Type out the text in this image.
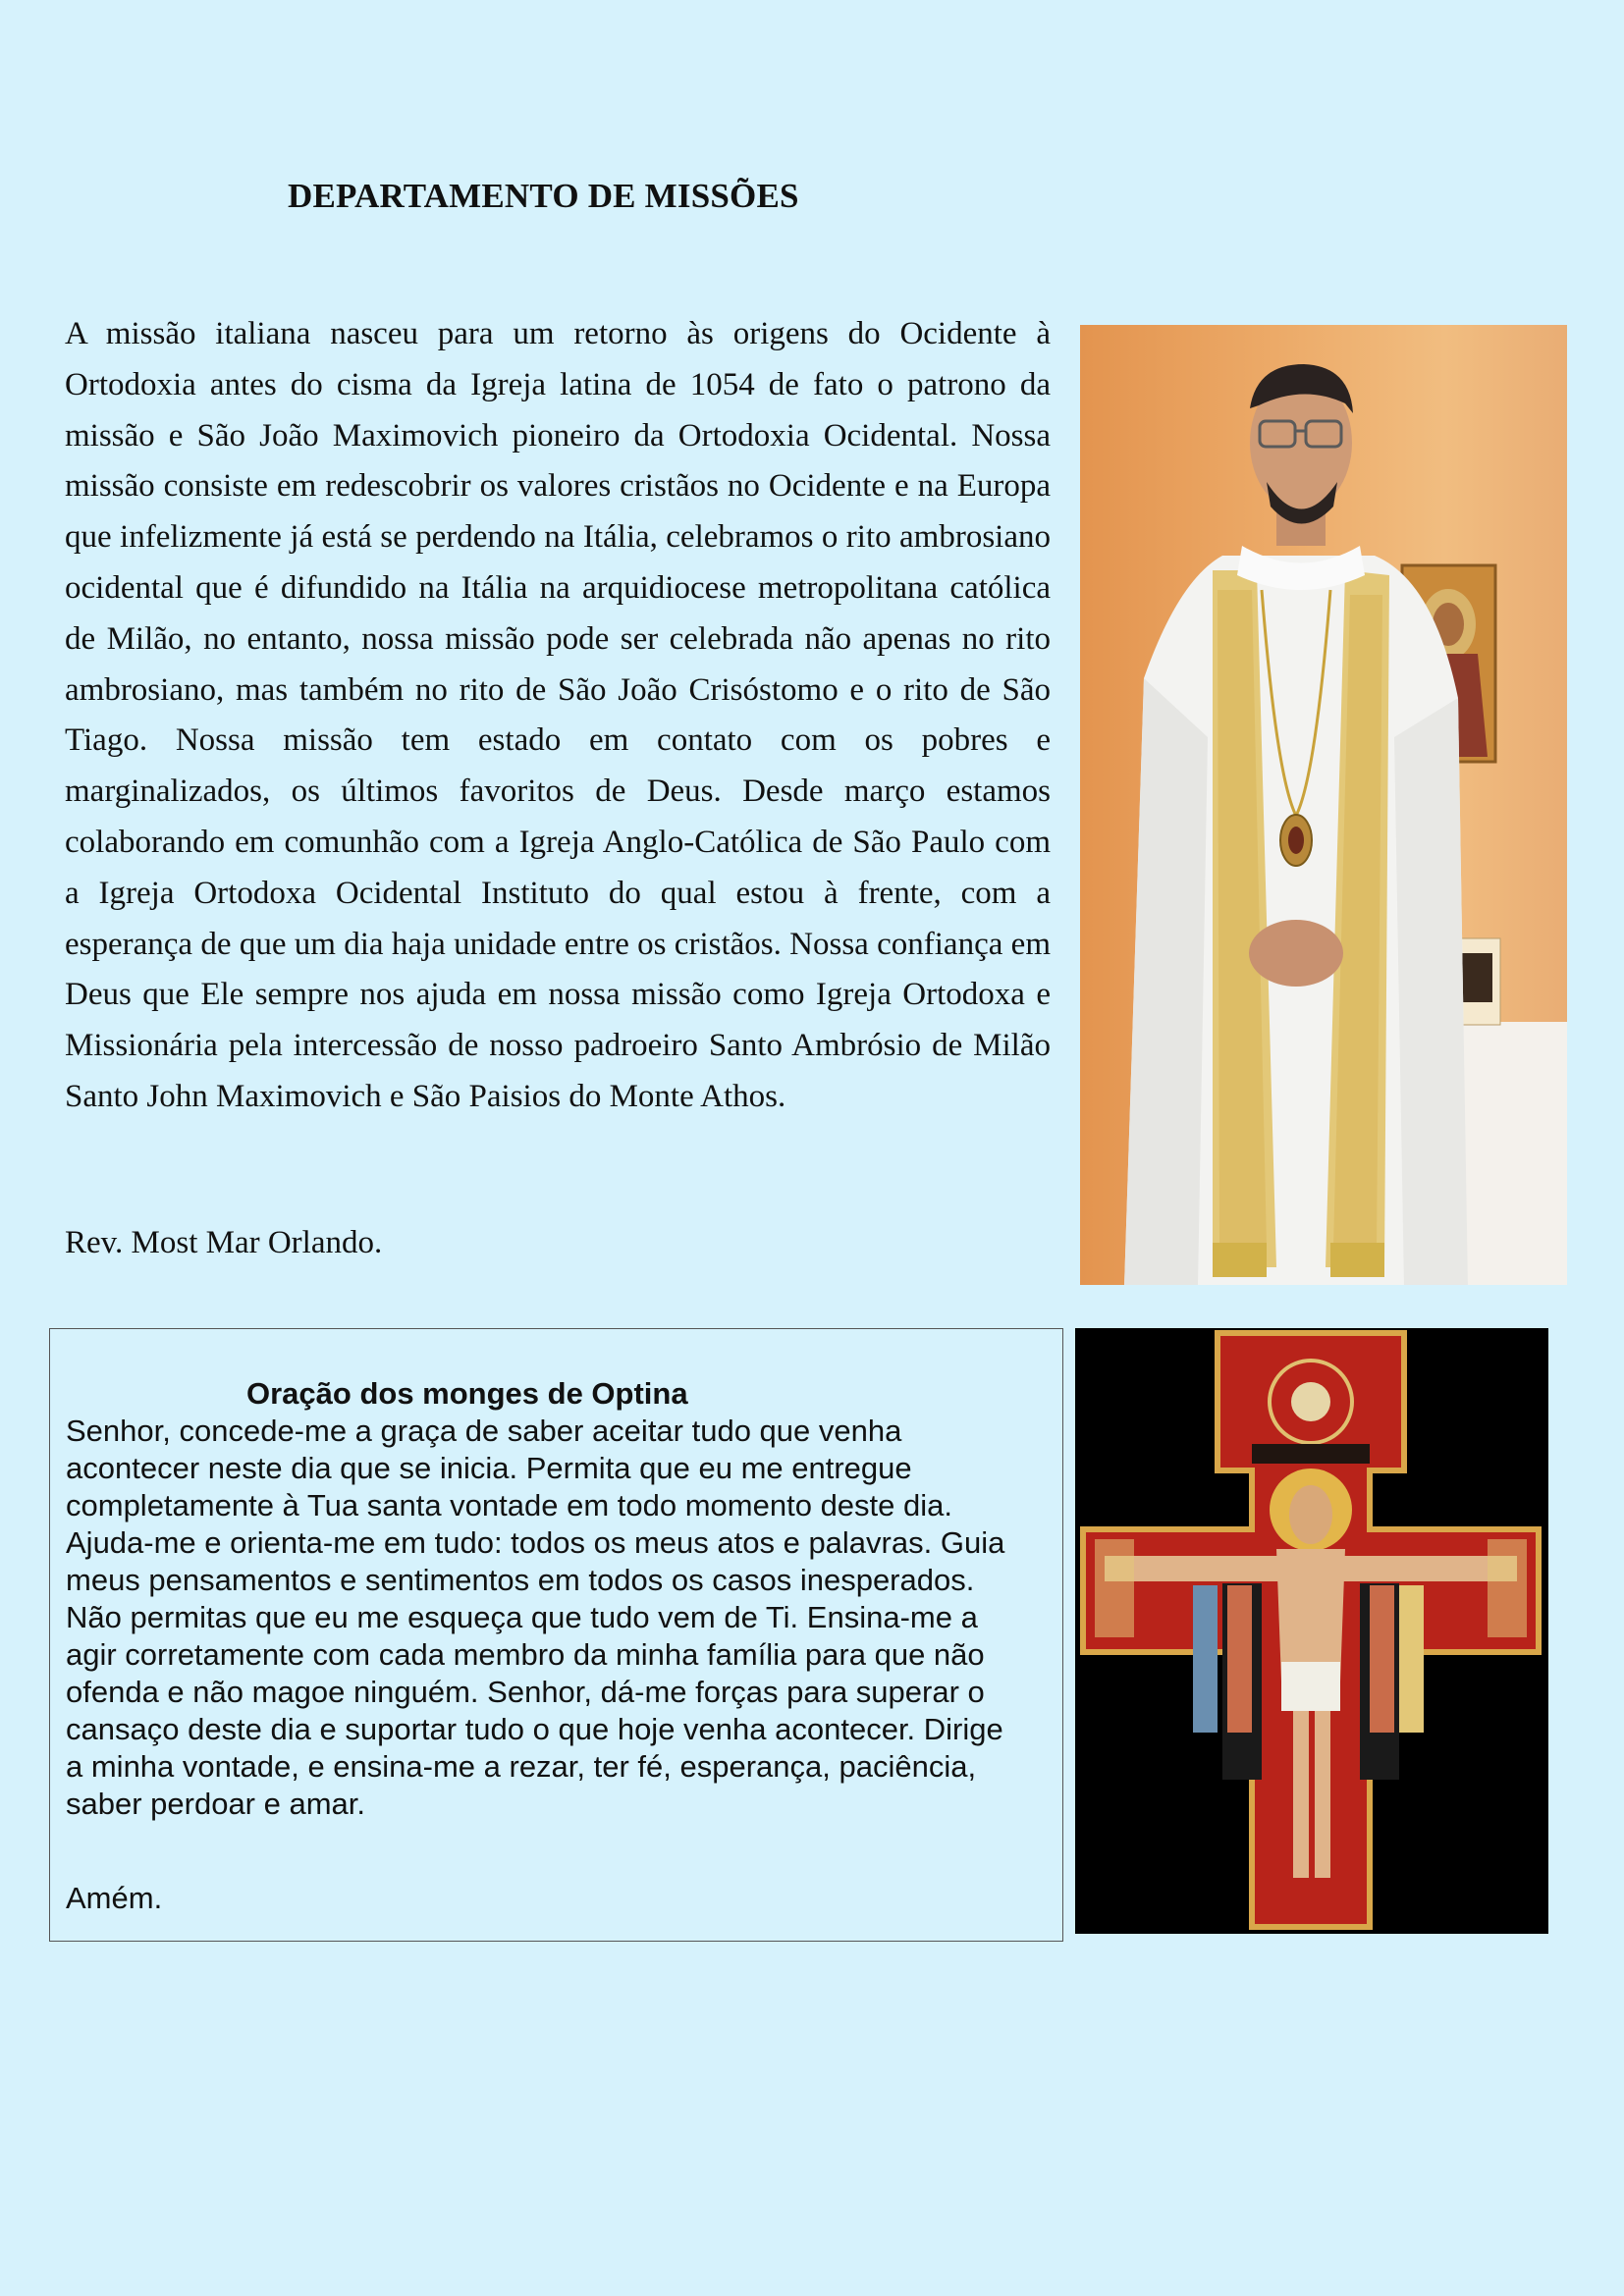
DEPARTAMENTO DE MISSÕES

A missão italiana nasceu para um retorno às origens do Ocidente à Ortodoxia antes do cisma da Igreja latina de 1054 de fato o patrono da missão e São João Maximovich pioneiro da Ortodoxia Ocidental. Nossa missão consiste em redescobrir os valores cristãos no Ocidente e na Europa que infelizmente já está se perdendo na Itália, celebramos o rito ambrosiano ocidental que é difundido na Itália na arquidiocese metropolitana católica de Milão, no entanto, nossa missão pode ser celebrada não apenas no rito ambrosiano, mas também no rito de São João Crisóstomo e o rito de São Tiago. Nossa missão tem estado em contato com os pobres e marginalizados, os últimos favoritos de Deus. Desde março estamos colaborando em comunhão com a Igreja Anglo-Católica de São Paulo com a Igreja Ortodoxa Ocidental Instituto do qual estou à frente, com a esperança de que um dia haja unidade entre os cristãos. Nossa confiança em Deus que Ele sempre nos ajuda em nossa missão como Igreja Ortodoxa e Missionária pela intercessão de nosso padroeiro Santo Ambrósio de Milão Santo John Maximovich e São Paisios do Monte Athos.

Rev. Most Mar Orlando.
Oração dos monges de Optina

Senhor, concede-me a graça de saber aceitar tudo que venha acontecer neste dia que se inicia. Permita que eu me entregue completamente à Tua santa vontade em todo momento deste dia. Ajuda-me e orienta-me em tudo: todos os meus atos e palavras. Guia meus pensamentos e sentimentos em todos os casos inesperados. Não permitas que eu me esqueça que tudo vem de Ti. Ensina-me a agir corretamente com cada membro da minha família para que não ofenda e não magoe ninguém. Senhor, dá-me forças para superar o cansaço deste dia e suportar tudo o que hoje venha acontecer. Dirige a minha vontade, e ensina-me a rezar, ter fé, esperança, paciência, saber perdoar e amar.

Amém.
